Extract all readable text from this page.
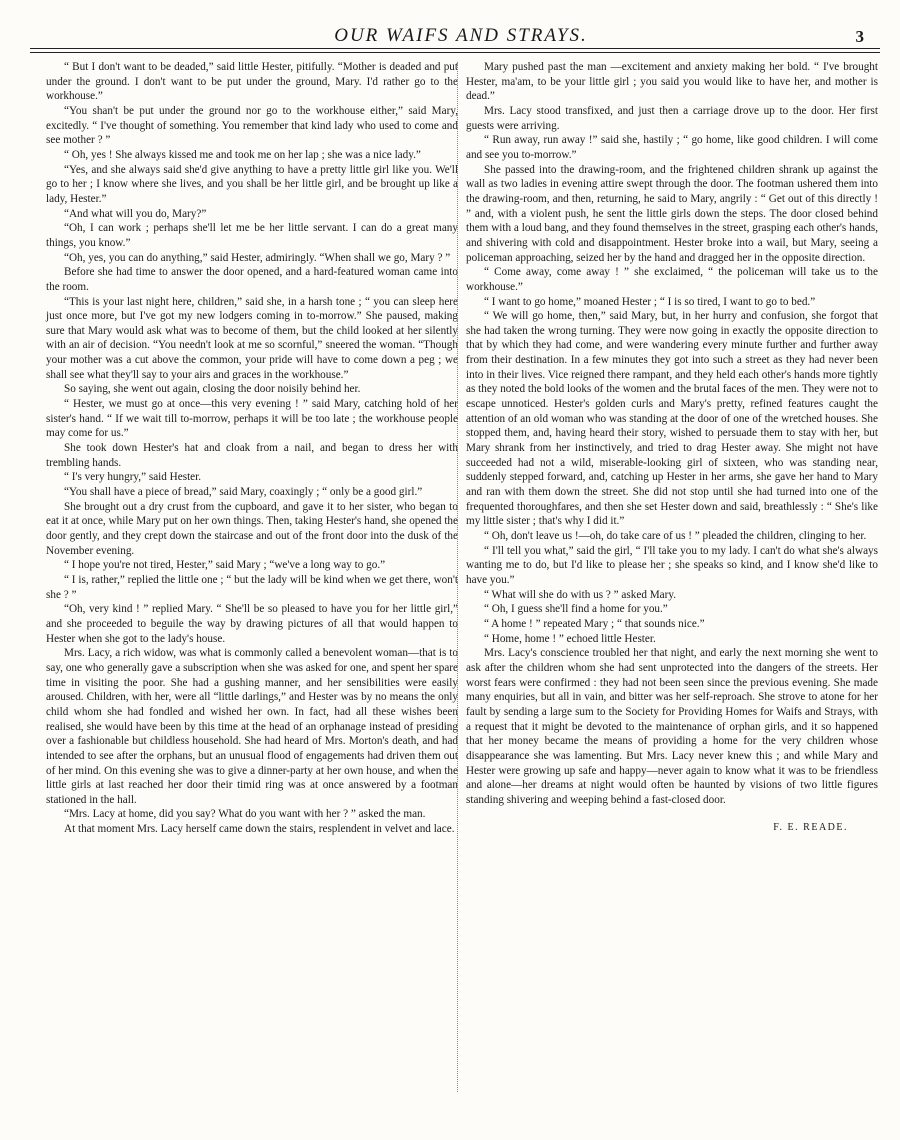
OUR WAIFS AND STRAYS.	3

“ But I don't want to be deaded,” said little Hester, pitifully. “Mother is deaded and put under the ground. I don't want to be put under the ground, Mary. I'd rather go to the workhouse.”

“You shan't be put under the ground nor go to the workhouse either,” said Mary, excitedly. “ I've thought of something. You remember that kind lady who used to come and see mother ? ”

“ Oh, yes ! She always kissed me and took me on her lap ; she was a nice lady.”

“Yes, and she always said she'd give anything to have a pretty little girl like you. We'll go to her ; I know where she lives, and you shall be her little girl, and be brought up like a lady, Hester.”

“And what will you do, Mary?”

“Oh, I can work ; perhaps she'll let me be her little servant. I can do a great many things, you know.”

“Oh, yes, you can do anything,” said Hester, admiringly. “When shall we go, Mary ? ”

Before she had time to answer the door opened, and a hard-featured woman came into the room.

“This is your last night here, children,” said she, in a harsh tone ; “ you can sleep here just once more, but I've got my new lodgers coming in to-morrow.” She paused, making sure that Mary would ask what was to become of them, but the child looked at her silently with an air of decision. “You needn't look at me so scornful,” sneered the woman. “Though your mother was a cut above the common, your pride will have to come down a peg ; we shall see what they'll say to your airs and graces in the workhouse.”

So saying, she went out again, closing the door noisily behind her.

“ Hester, we must go at once—this very evening ! ” said Mary, catching hold of her sister's hand. “ If we wait till to-morrow, perhaps it will be too late ; the workhouse people may come for us.”

She took down Hester's hat and cloak from a nail, and began to dress her with trembling hands.

“ I's very hungry,” said Hester.

“You shall have a piece of bread,” said Mary, coaxingly ; “ only be a good girl.”

She brought out a dry crust from the cupboard, and gave it to her sister, who began to eat it at once, while Mary put on her own things. Then, taking Hester's hand, she opened the door gently, and they crept down the staircase and out of the front door into the dusk of the November evening.

“ I hope you're not tired, Hester,” said Mary ; “we've a long way to go.”

“ I is, rather,” replied the little one ; “ but the lady will be kind when we get there, won't she ? ”

“Oh, very kind ! ” replied Mary. “ She'll be so pleased to have you for her little girl,” and she proceeded to beguile the way by drawing pictures of all that would happen to Hester when she got to the lady's house.

Mrs. Lacy, a rich widow, was what is commonly called a benevolent woman—that is to say, one who generally gave a subscription when she was asked for one, and spent her spare time in visiting the poor. She had a gushing manner, and her sensibilities were easily aroused. Children, with her, were all “little darlings,” and Hester was by no means the only child whom she had fondled and wished her own. In fact, had all these wishes been realised, she would have been by this time at the head of an orphanage instead of presiding over a fashionable but childless household. She had heard of Mrs. Morton's death, and had intended to see after the orphans, but an unusual flood of engagements had driven them out of her mind. On this evening she was to give a dinner-party at her own house, and when the little girls at last reached her door their timid ring was at once answered by a footman stationed in the hall.

“Mrs. Lacy at home, did you say? What do you want with her ? ” asked the man.

At that moment Mrs. Lacy herself came down the stairs, resplendent in velvet and lace.

Mary pushed past the man —excitement and anxiety making her bold. “ I've brought Hester, ma'am, to be your little girl ; you said you would like to have her, and mother is dead.”

Mrs. Lacy stood transfixed, and just then a carriage drove up to the door. Her first guests were arriving.

“ Run away, run away !” said she, hastily ; “ go home, like good children. I will come and see you to-morrow.”

She passed into the drawing-room, and the frightened children shrank up against the wall as two ladies in evening attire swept through the door. The footman ushered them into the drawing-room, and then, returning, he said to Mary, angrily : “ Get out of this directly ! ” and, with a violent push, he sent the little girls down the steps. The door closed behind them with a loud bang, and they found themselves in the street, grasping each other's hands, and shivering with cold and disappointment. Hester broke into a wail, but Mary, seeing a policeman approaching, seized her by the hand and dragged her in the opposite direction.

“ Come away, come away ! ” she exclaimed, “ the policeman will take us to the workhouse.”

“ I want to go home,” moaned Hester ; “ I is so tired, I want to go to bed.”

“ We will go home, then,” said Mary, but, in her hurry and confusion, she forgot that she had taken the wrong turning. They were now going in exactly the opposite direction to that by which they had come, and were wandering every minute further and further away from their destination. In a few minutes they got into such a street as they had never been into in their lives. Vice reigned there rampant, and they held each other's hands more tightly as they noted the bold looks of the women and the brutal faces of the men. They were not to escape unnoticed. Hester's golden curls and Mary's pretty, refined features caught the attention of an old woman who was standing at the door of one of the wretched houses. She stopped them, and, having heard their story, wished to persuade them to stay with her, but Mary shrank from her instinctively, and tried to drag Hester away. She might not have succeeded had not a wild, miserable-looking girl of sixteen, who was standing near, suddenly stepped forward, and, catching up Hester in her arms, she gave her hand to Mary and ran with them down the street. She did not stop until she had turned into one of the frequented thoroughfares, and then she set Hester down and said, breathlessly : “ She's like my little sister ; that's why I did it.”

“ Oh, don't leave us !—oh, do take care of us ! ” pleaded the children, clinging to her.

“ I'll tell you what,” said the girl, “ I'll take you to my lady. I can't do what she's always wanting me to do, but I'd like to please her ; she speaks so kind, and I know she'd like to have you.”

“ What will she do with us ? ” asked Mary.

“ Oh, I guess she'll find a home for you.”

“ A home ! ” repeated Mary ; “ that sounds nice.”

“ Home, home ! ” echoed little Hester.

Mrs. Lacy's conscience troubled her that night, and early the next morning she went to ask after the children whom she had sent unprotected into the dangers of the streets. Her worst fears were confirmed : they had not been seen since the previous evening. She made many enquiries, but all in vain, and bitter was her self-reproach. She strove to atone for her fault by sending a large sum to the Society for Providing Homes for Waifs and Strays, with a request that it might be devoted to the maintenance of orphan girls, and it so happened that her money became the means of providing a home for the very children whose disappearance she was lamenting. But Mrs. Lacy never knew this ; and while Mary and Hester were growing up safe and happy—never again to know what it was to be friendless and alone—her dreams at night would often be haunted by visions of two little figures standing shivering and weeping behind a fast-closed door.

F. E. READE.
